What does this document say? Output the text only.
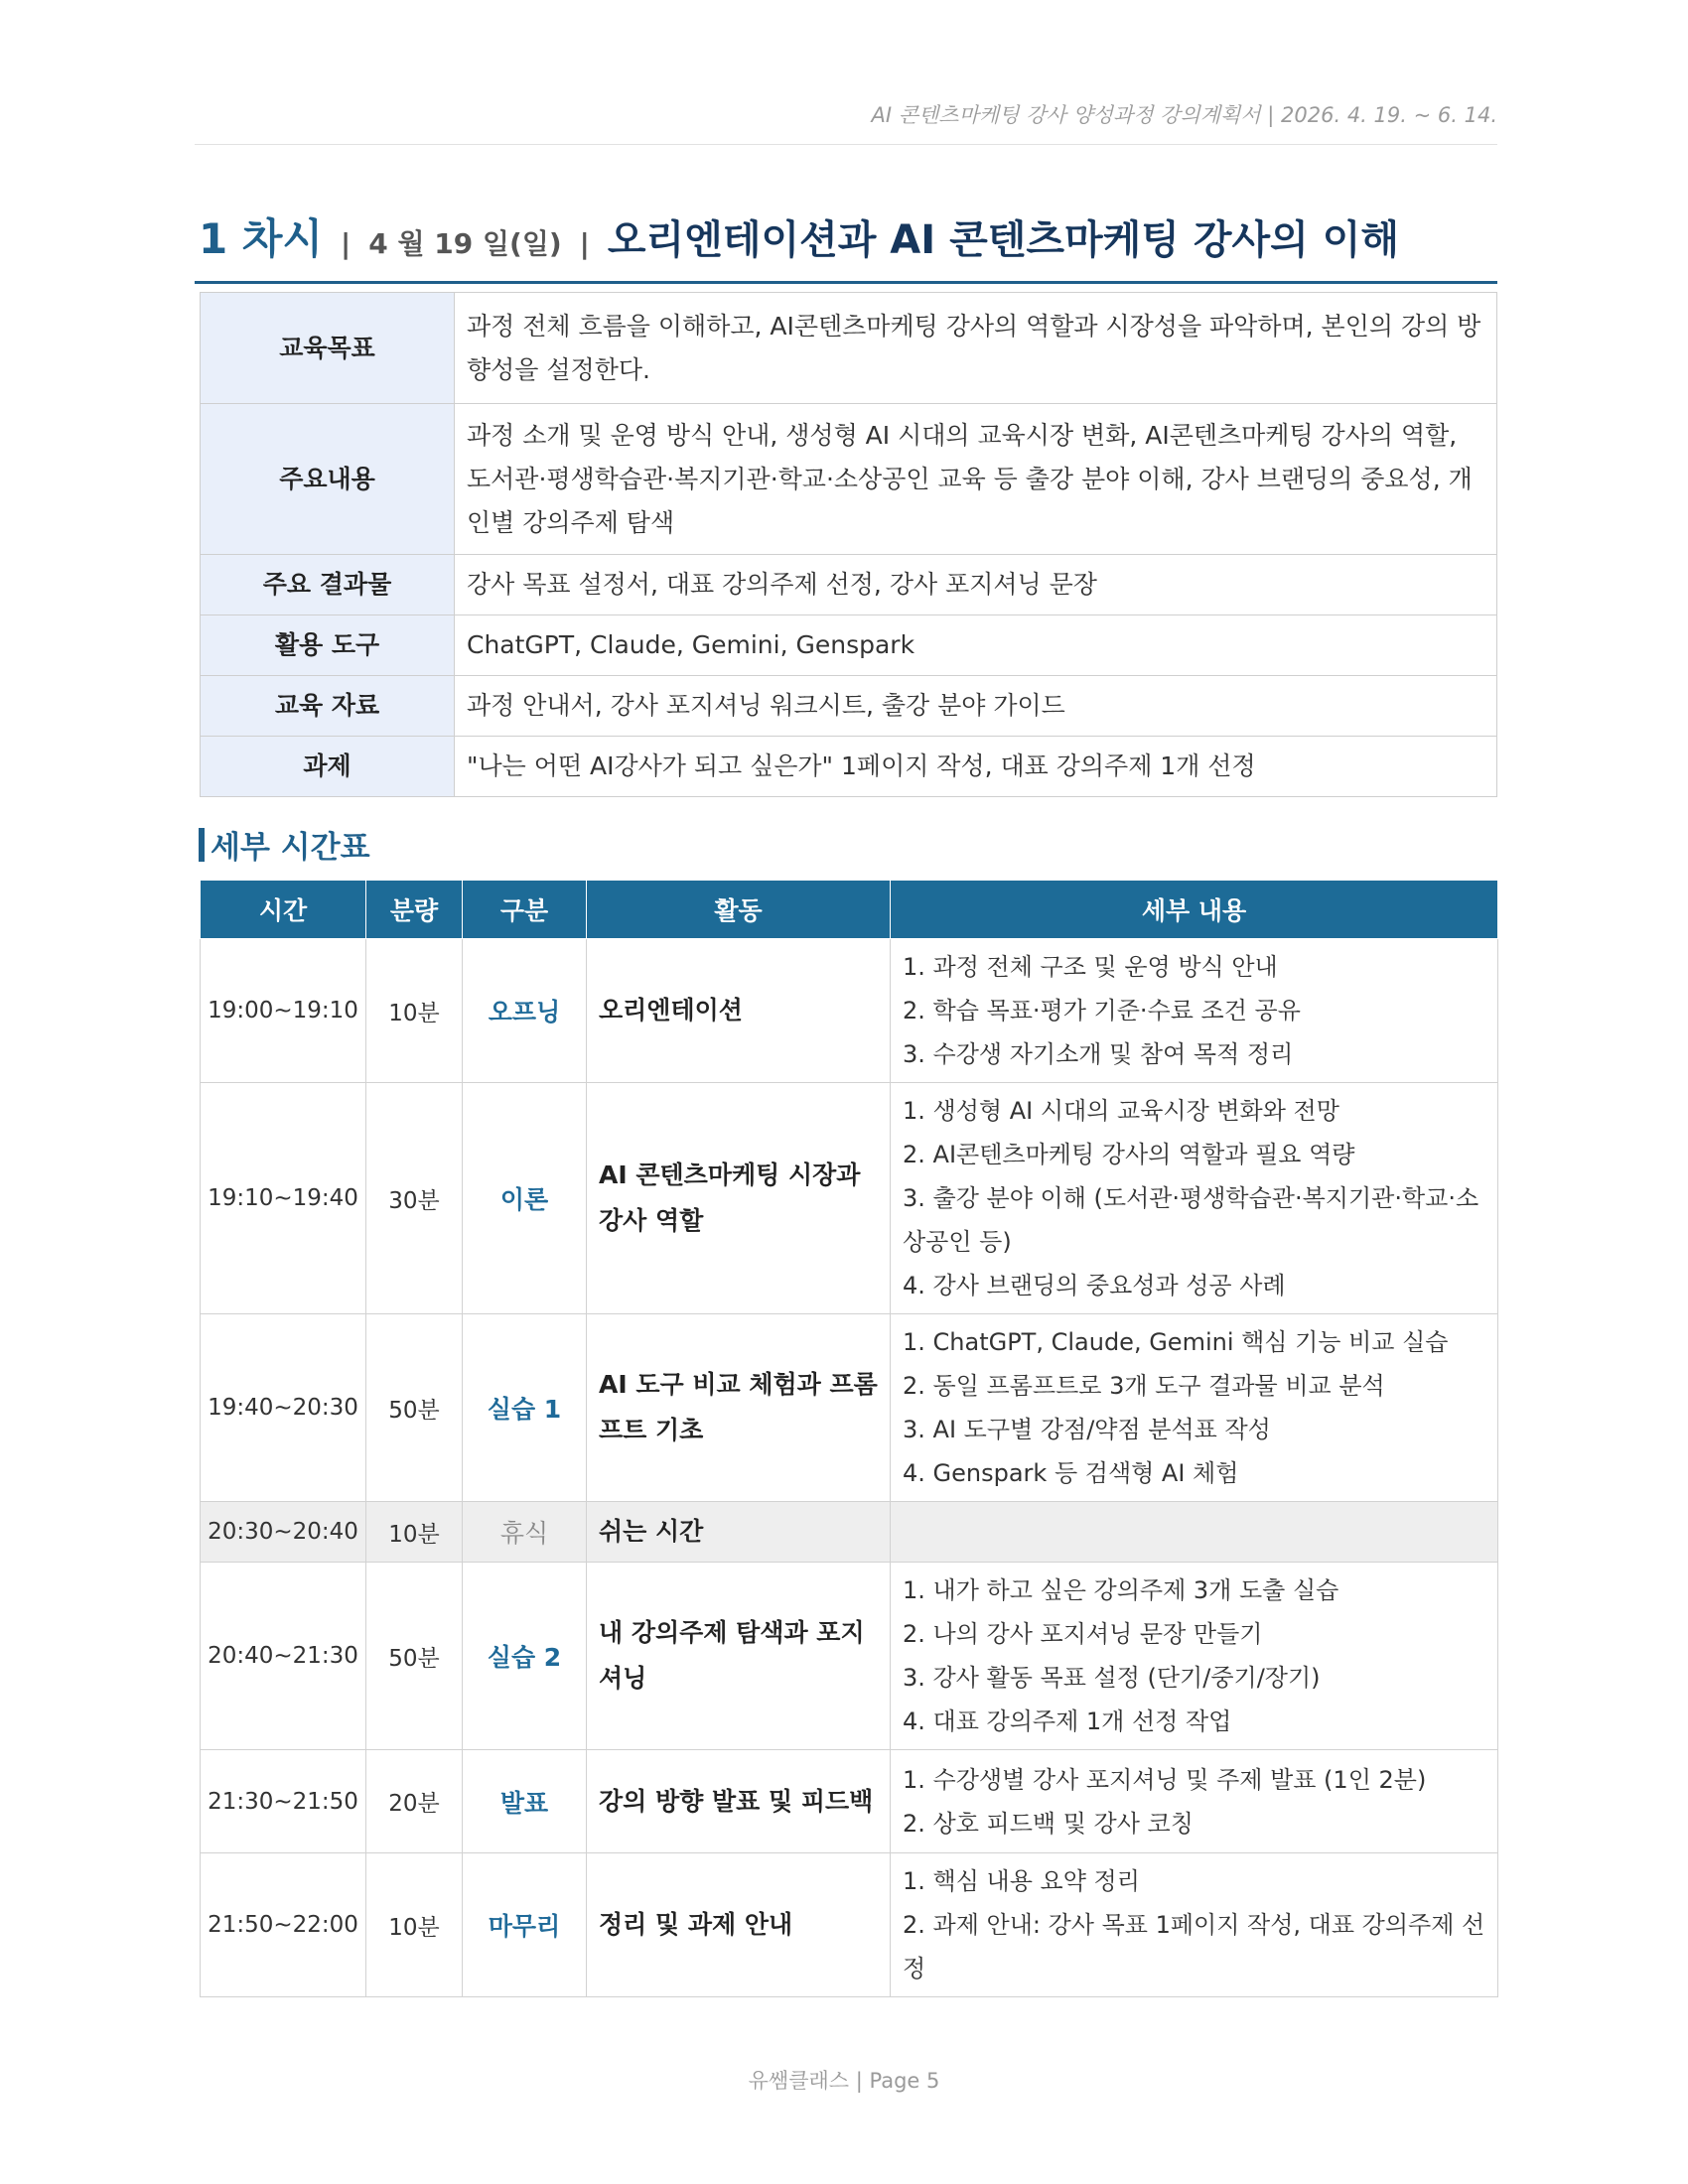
AI 콘텐츠마케팅 강사 양성과정 강의계획서 | 2026. 4. 19. ~ 6. 14.
1 차시 | 4 월 19 일(일) | 오리엔테이션과 AI 콘텐츠마케팅 강사의 이해
교육목표	과정 전체 흐름을 이해하고, AI콘텐츠마케팅 강사의 역할과 시장성을 파악하며, 본인의 강의 방향성을 설정한다.
주요내용	과정 소개 및 운영 방식 안내, 생성형 AI 시대의 교육시장 변화, AI콘텐츠마케팅 강사의 역할, 도서관·평생학습관·복지기관·학교·소상공인 교육 등 출강 분야 이해, 강사 브랜딩의 중요성, 개인별 강의주제 탐색
주요 결과물	강사 목표 설정서, 대표 강의주제 선정, 강사 포지셔닝 문장
활용 도구	ChatGPT, Claude, Gemini, Genspark
교육 자료	과정 안내서, 강사 포지셔닝 워크시트, 출강 분야 가이드
과제	"나는 어떤 AI강사가 되고 싶은가" 1페이지 작성, 대표 강의주제 1개 선정
세부 시간표
시간	분량	구분	활동	세부 내용
19:00~19:10	10분	오프닝	오리엔테이션	1. 과정 전체 구조 및 운영 방식 안내
2. 학습 목표·평가 기준·수료 조건 공유
3. 수강생 자기소개 및 참여 목적 정리

19:10~19:40	30분	이론	AI 콘텐츠마케팅 시장과 강사 역할	1. 생성형 AI 시대의 교육시장 변화와 전망
2. AI콘텐츠마케팅 강사의 역할과 필요 역량
3. 출강 분야 이해 (도서관·평생학습관·복지기관·학교·소상공인 등)
4. 강사 브랜딩의 중요성과 성공 사례

19:40~20:30	50분	실습 1	AI 도구 비교 체험과 프롬프트 기초	1. ChatGPT, Claude, Gemini 핵심 기능 비교 실습
2. 동일 프롬프트로 3개 도구 결과물 비교 분석
3. AI 도구별 강점/약점 분석표 작성
4. Genspark 등 검색형 AI 체험

20:30~20:40	10분	휴식	쉬는 시간	
20:40~21:30	50분	실습 2	내 강의주제 탐색과 포지셔닝	1. 내가 하고 싶은 강의주제 3개 도출 실습
2. 나의 강사 포지셔닝 문장 만들기
3. 강사 활동 목표 설정 (단기/중기/장기)
4. 대표 강의주제 1개 선정 작업

21:30~21:50	20분	발표	강의 방향 발표 및 피드백	1. 수강생별 강사 포지셔닝 및 주제 발표 (1인 2분)
2. 상호 피드백 및 강사 코칭

21:50~22:00	10분	마무리	정리 및 과제 안내	1. 핵심 내용 요약 정리
2. 과제 안내: 강사 목표 1페이지 작성, 대표 강의주제 선정
유쌤클래스 | Page 5
